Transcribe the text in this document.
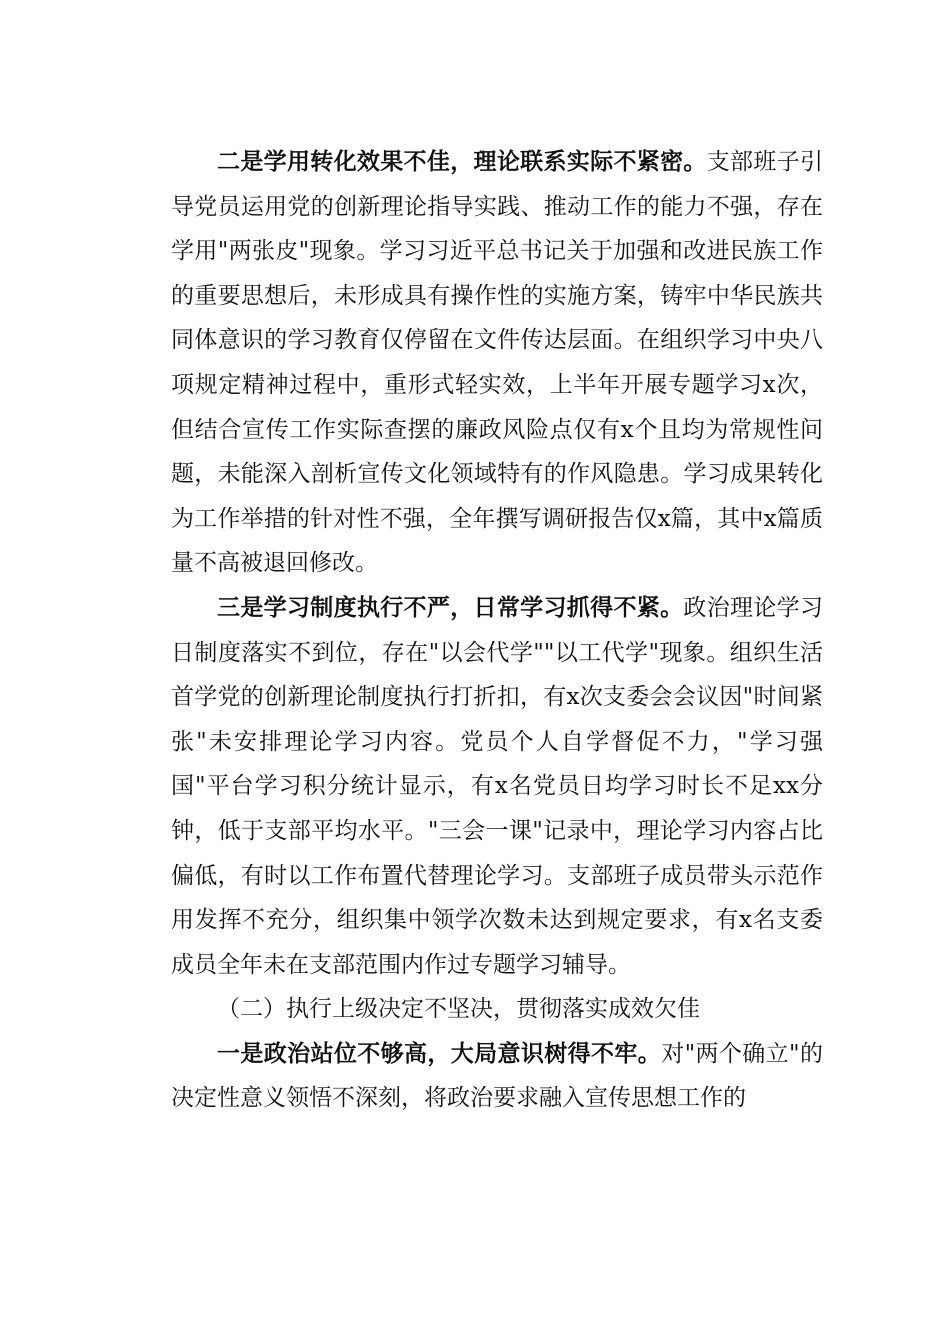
二是学用转化效果不佳，理论联系实际不紧密。支部班子引导党员运用党的创新理论指导实践、推动工作的能力不强，存在学用"两张皮"现象。学习习近平总书记关于加强和改进民族工作的重要思想后，未形成具有操作性的实施方案，铸牢中华民族共同体意识的学习教育仅停留在文件传达层面。在组织学习中央八项规定精神过程中，重形式轻实效，上半年开展专题学习x次，但结合宣传工作实际查摆的廉政风险点仅有x个且均为常规性问题，未能深入剖析宣传文化领域特有的作风隐患。学习成果转化为工作举措的针对性不强，全年撰写调研报告仅x篇，其中x篇质量不高被退回修改。

三是学习制度执行不严，日常学习抓得不紧。政治理论学习日制度落实不到位，存在"以会代学""以工代学"现象。组织生活首学党的创新理论制度执行打折扣，有x次支委会会议因"时间紧张"未安排理论学习内容。党员个人自学督促不力，"学习强国"平台学习积分统计显示，有x名党员日均学习时长不足xx分钟，低于支部平均水平。"三会一课"记录中，理论学习内容占比偏低，有时以工作布置代替理论学习。支部班子成员带头示范作用发挥不充分，组织集中领学次数未达到规定要求，有x名支委成员全年未在支部范围内作过专题学习辅导。

（二）执行上级决定不坚决，贯彻落实成效欠佳

一是政治站位不够高，大局意识树得不牢。对"两个确立"的决定性意义领悟不深刻，将政治要求融入宣传思想工作的
